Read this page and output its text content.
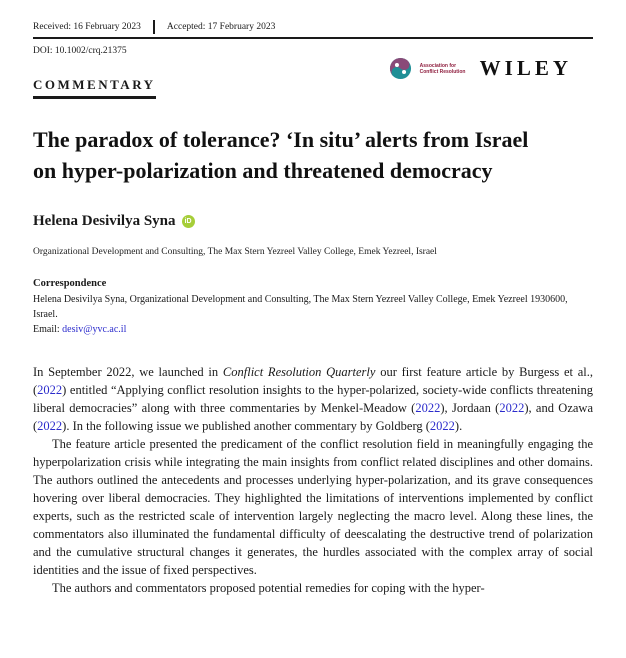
Received: 16 February 2023	Accepted: 17 February 2023
DOI: 10.1002/crq.21375
Association for
Conflict Resolution WILEY
COMMENTARY
The paradox of tolerance? ‘In situ’ alerts from Israel on hyper-polarization and threatened democracy
Helena Desivilya Syna	iD
Organizational Development and Consulting, The Max Stern Yezreel Valley College, Emek Yezreel, Israel
Correspondence
Helena Desivilya Syna, Organizational Development and Consulting, The Max Stern Yezreel Valley College, Emek Yezreel 1930600, Israel.
Email: desiv@yvc.ac.il

In September 2022, we launched in Conflict Resolution Quarterly our first feature article by Burgess et al., (2022) entitled “Applying conflict resolution insights to the hyper-polarized, society-wide conflicts threatening liberal democracies” along with three commentaries by Menkel-Meadow (2022), Jordaan (2022), and Ozawa (2022). In the following issue we published another commentary by Goldberg (2022).

The feature article presented the predicament of the conflict resolution field in meaningfully engaging the hyperpolarization crisis while integrating the main insights from conflict related disciplines and other domains. The authors outlined the antecedents and processes underlying hyper-polarization, and its grave consequences hovering over liberal democracies. They highlighted the limitations of interventions implemented by conflict experts, such as the restricted scale of intervention largely neglecting the macro level. Along these lines, the commentators also illuminated the fundamental difficulty of deescalating the destructive trend of polarization and the cumulative structural changes it generates, the hurdles associated with the complex array of social identities and the issue of fixed perspectives.

The authors and commentators proposed potential remedies for coping with the hyper-
